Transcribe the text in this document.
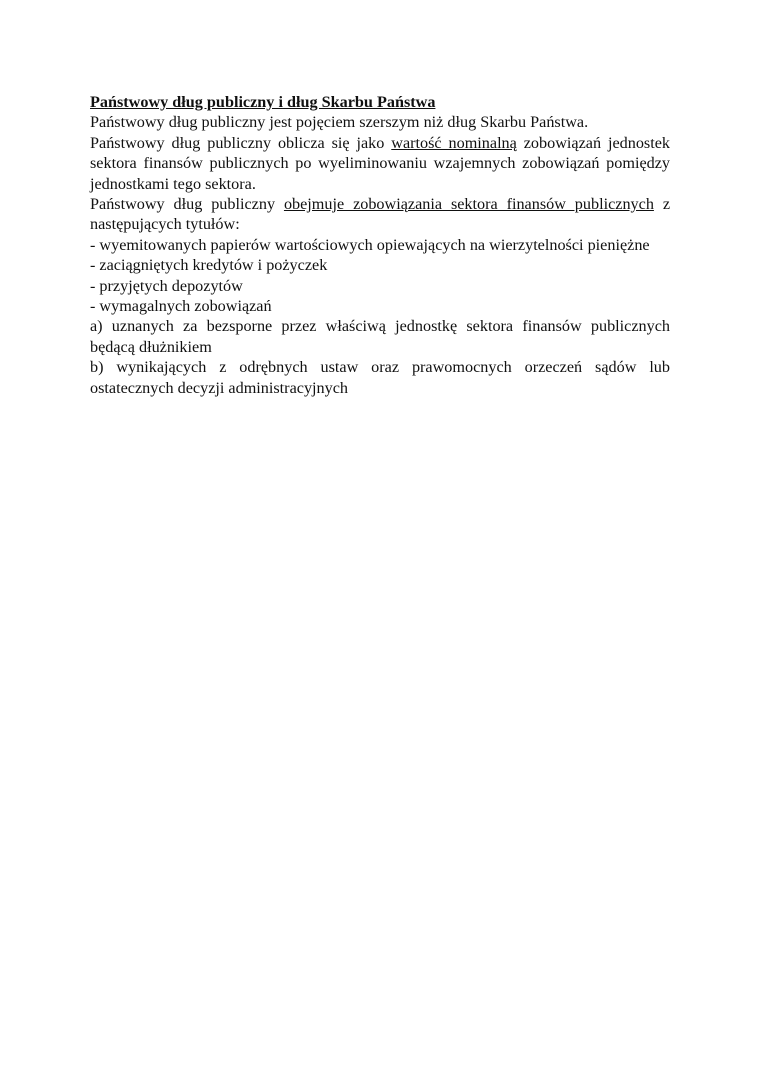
Państwowy dług publiczny i dług Skarbu Państwa

Państwowy dług publiczny jest pojęciem szerszym niż dług Skarbu Państwa.

Państwowy dług publiczny oblicza się jako wartość nominalną zobowiązań jednostek sektora finansów publicznych po wyeliminowaniu wzajemnych zobowiązań pomiędzy jednostkami tego sektora.

Państwowy dług publiczny obejmuje zobowiązania sektora finansów publicznych z następujących tytułów:

- wyemitowanych papierów wartościowych opiewających na wierzytelności pieniężne

- zaciągniętych kredytów i pożyczek

- przyjętych depozytów

- wymagalnych zobowiązań

a) uznanych za bezsporne przez właściwą jednostkę sektora finansów publicznych będącą dłużnikiem

b) wynikających z odrębnych ustaw oraz prawomocnych orzeczeń sądów lub ostatecznych decyzji administracyjnych
